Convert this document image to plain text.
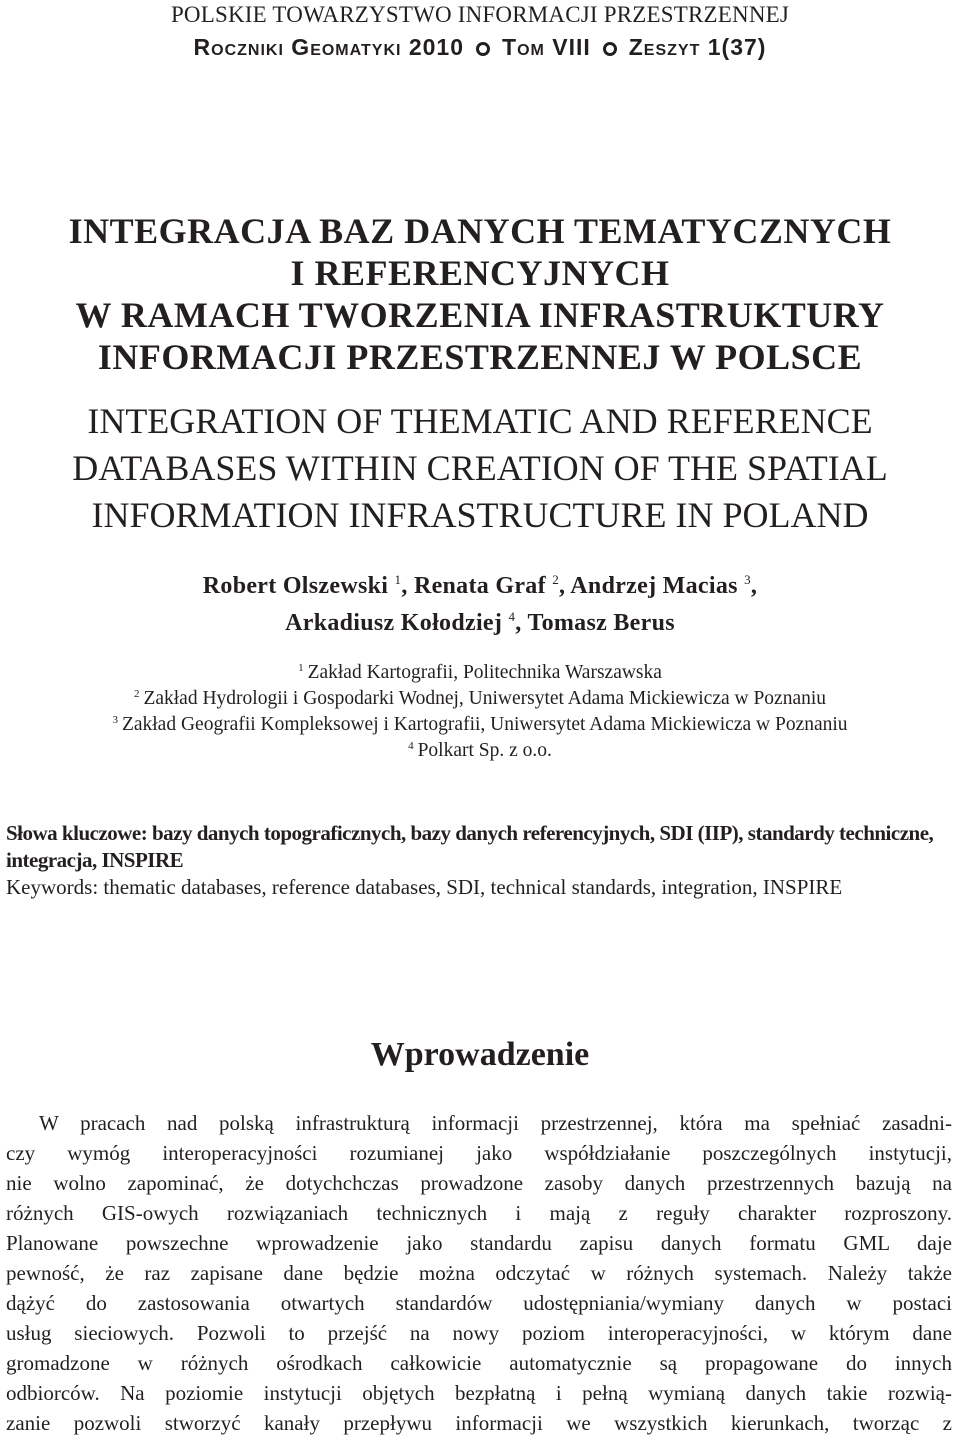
POLSKIE TOWARZYSTWO INFORMACJI PRZESTRZENNEJ
Roczniki Geomatyki 2010 Tom VIII Zeszyt 1(37)
INTEGRACJA BAZ DANYCH TEMATYCZNYCH
I REFERENCYJNYCH
W RAMACH TWORZENIA INFRASTRUKTURY
INFORMACJI PRZESTRZENNEJ W POLSCE
INTEGRATION OF THEMATIC AND REFERENCE
DATABASES WITHIN CREATION OF THE SPATIAL
INFORMATION INFRASTRUCTURE IN POLAND
Robert Olszewski $^1$, Renata Graf $^2$, Andrzej Macias $^3$,
Arkadiusz Kołodziej $^4$, Tomasz Berus
$^1$ Zakład Kartografii, Politechnika Warszawska
$^2$ Zakład Hydrologii i Gospodarki Wodnej, Uniwersytet Adama Mickiewicza w Poznaniu
$^3$ Zakład Geografii Kompleksowej i Kartografii, Uniwersytet Adama Mickiewicza w Poznaniu
$^4$ Polkart Sp. z o.o.
Słowa kluczowe: bazy danych topograficznych, bazy danych referencyjnych, SDI (IIP), standardy techniczne, integracja, INSPIRE
Keywords: thematic databases, reference databases, SDI, technical standards, integration, INSPIRE
Wprowadzenie
W pracach nad polską infrastrukturą informacji przestrzennej, która ma spełniać zasadni-
czy wymóg interoperacyjności rozumianej jako współdziałanie poszczególnych instytucji,
nie wolno zapominać, że dotychchczas prowadzone zasoby danych przestrzennych bazują na
różnych GIS-owych rozwiązaniach technicznych i mają z reguły charakter rozproszony.
Planowane powszechne wprowadzenie jako standardu zapisu danych formatu GML daje
pewność, że raz zapisane dane będzie można odczytać w różnych systemach. Należy także
dążyć do zastosowania otwartych standardów udostępniania/wymiany danych w postaci
usług sieciowych. Pozwoli to przejść na nowy poziom interoperacyjności, w którym dane
gromadzone w różnych ośrodkach całkowicie automatycznie są propagowane do innych
odbiorców. Na poziomie instytucji objętych bezpłatną i pełną wymianą danych takie rozwią-
zanie pozwoli stworzyć kanały przepływu informacji we wszystkich kierunkach, tworząc z
